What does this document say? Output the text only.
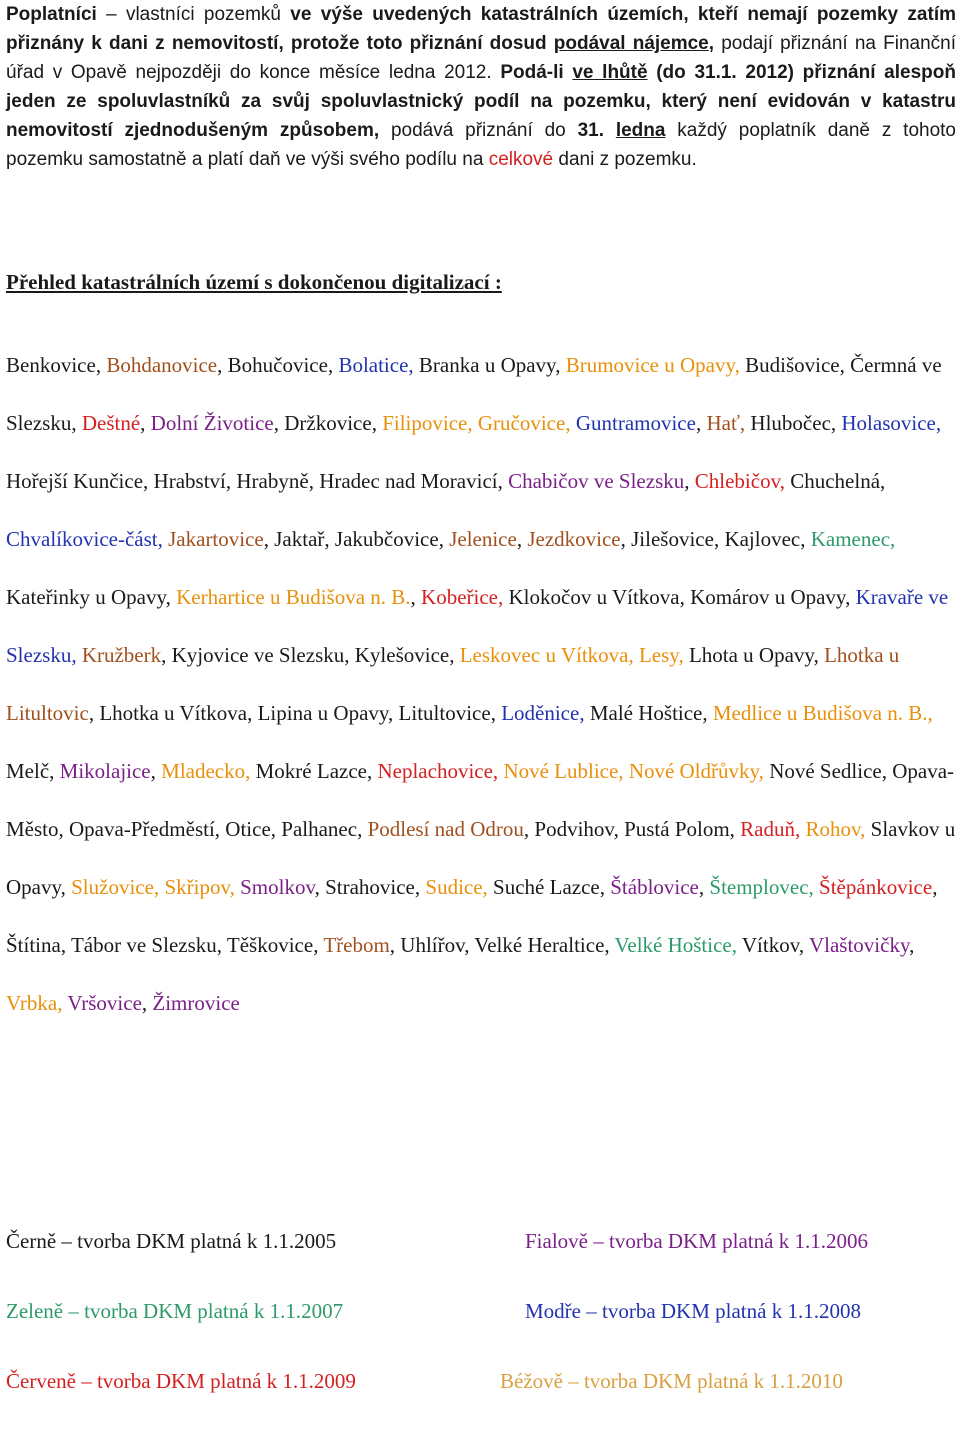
Poplatníci – vlastníci pozemků ve výše uvedených katastrálních územích, kteří nemají pozemky zatím přiznány k dani z nemovitostí, protože toto přiznání dosud podával nájemce, podají přiznání na Finanční úřad v Opavě nejpozději do konce měsíce ledna 2012. Podá-li ve lhůtě (do 31.1. 2012) přiznání alespoň jeden ze spoluvlastníků za svůj spoluvlastnický podíl na pozemku, který není evidován v katastru nemovitostí zjednodušeným způsobem, podává přiznání do 31. ledna každý poplatník daně z tohoto pozemku samostatně a platí daň ve výši svého podílu na celkové dani z pozemku.

Přehled katastrálních území s dokončenou digitalizací :

Benkovice, Bohdanovice, Bohučovice, Bolatice, Branka u Opavy, Brumovice u Opavy, Budišovice, Čermná ve Slezsku, Deštné, Dolní Životice, Držkovice, Filipovice, Gručovice, Guntramovice, Hať, Hlubočec, Holasovice, Hořejší Kunčice, Hrabství, Hrabyně, Hradec nad Moravicí, Chabičov ve Slezsku, Chlebičov, Chuchelná, Chvalíkovice-část, Jakartovice, Jaktař, Jakubčovice, Jelenice, Jezdkovice, Jilešovice, Kajlovec, Kamenec, Kateřinky u Opavy, Kerhartice u Budišova n. B., Kobeřice, Klokočov u Vítkova, Komárov u Opavy, Kravaře ve Slezsku, Kružberk, Kyjovice ve Slezsku, Kylešovice, Leskovec u Vítkova, Lesy, Lhota u Opavy, Lhotka u Litultovic, Lhotka u Vítkova, Lipina u Opavy, Litultovice, Loděnice, Malé Hoštice, Medlice u Budišova n. B., Melč, Mikolajice, Mladecko, Mokré Lazce, Neplachovice, Nové Lublice, Nové Oldřůvky, Nové Sedlice, Opava-Město, Opava-Předměstí, Otice, Palhanec, Podlesí nad Odrou, Podvihov, Pustá Polom, Raduň, Rohov, Slavkov u Opavy, Služovice, Skřipov, Smolkov, Strahovice, Sudice, Suché Lazce, Štáblovice, Štemplovec, Štěpánkovice, Štítina, Tábor ve Slezsku, Těškovice, Třebom, Uhlířov, Velké Heraltice, Velké Hoštice, Vítkov, Vlaštovičky, Vrbka, Vršovice, Žimrovice

Černě – tvorba DKM platná k 1.1.2005	Fialově – tvorba DKM platná k 1.1.2006
Zeleně – tvorba DKM platná k 1.1.2007	Modře – tvorba DKM platná k 1.1.2008
Červeně – tvorba DKM platná k 1.1.2009	Béžově – tvorba DKM platná k 1.1.2010
